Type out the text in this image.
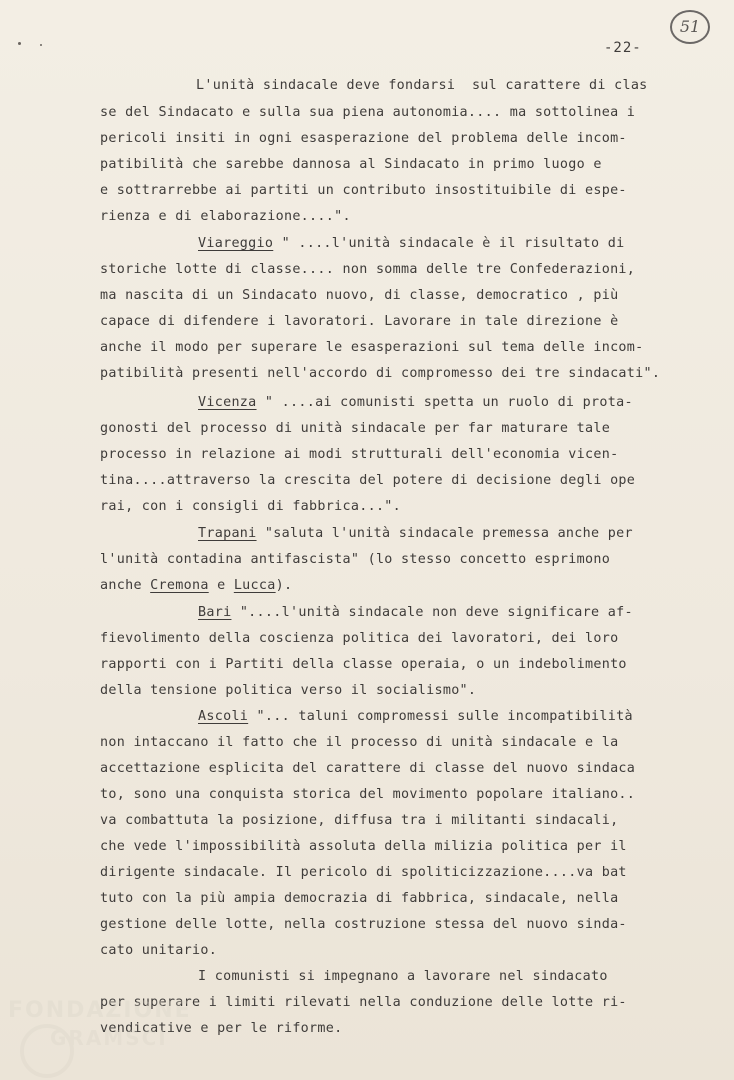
51
-22-
L'unità sindacale deve fondarsi  sul carattere di clas
se del Sindacato e sulla sua piena autonomia.... ma sottolinea i
pericoli insiti in ogni esasperazione del problema delle incom-
patibilità che sarebbe dannosa al Sindacato in primo luogo e
e sottrarrebbe ai partiti un contributo insostituibile di espe-
rienza e di elaborazione....".
Viareggio " ....l'unità sindacale è il risultato di
storiche lotte di classe.... non somma delle tre Confederazioni,
ma nascita di un Sindacato nuovo, di classe, democratico , più
capace di difendere i lavoratori. Lavorare in tale direzione è
anche il modo per superare le esasperazioni sul tema delle incom-
patibilità presenti nell'accordo di compromesso dei tre sindacati".
Vicenza " ....ai comunisti spetta un ruolo di prota-
gonosti del processo di unità sindacale per far maturare tale
processo in relazione ai modi strutturali dell'economia vicen-
tina....attraverso la crescita del potere di decisione degli ope
rai, con i consigli di fabbrica...".
Trapani "saluta l'unità sindacale premessa anche per
l'unità contadina antifascista" (lo stesso concetto esprimono
anche Cremona e Lucca).
Bari "....l'unità sindacale non deve significare af-
fievolimento della coscienza politica dei lavoratori, dei loro
rapporti con i Partiti della classe operaia, o un indebolimento
della tensione politica verso il socialismo".
Ascoli "... taluni compromessi sulle incompatibilità
non intaccano il fatto che il processo di unità sindacale e la
accettazione esplicita del carattere di classe del nuovo sindaca
to, sono una conquista storica del movimento popolare italiano..
va combattuta la posizione, diffusa tra i militanti sindacali,
che vede l'impossibilità assoluta della milizia politica per il
dirigente sindacale. Il pericolo di spoliticizzazione....va bat
tuto con la più ampia democrazia di fabbrica, sindacale, nella
gestione delle lotte, nella costruzione stessa del nuovo sinda-
cato unitario.
I comunisti si impegnano a lavorare nel sindacato
per superare i limiti rilevati nella conduzione delle lotte ri-
vendicative e per le riforme.
FONDAZIONE
GRAMSCI
